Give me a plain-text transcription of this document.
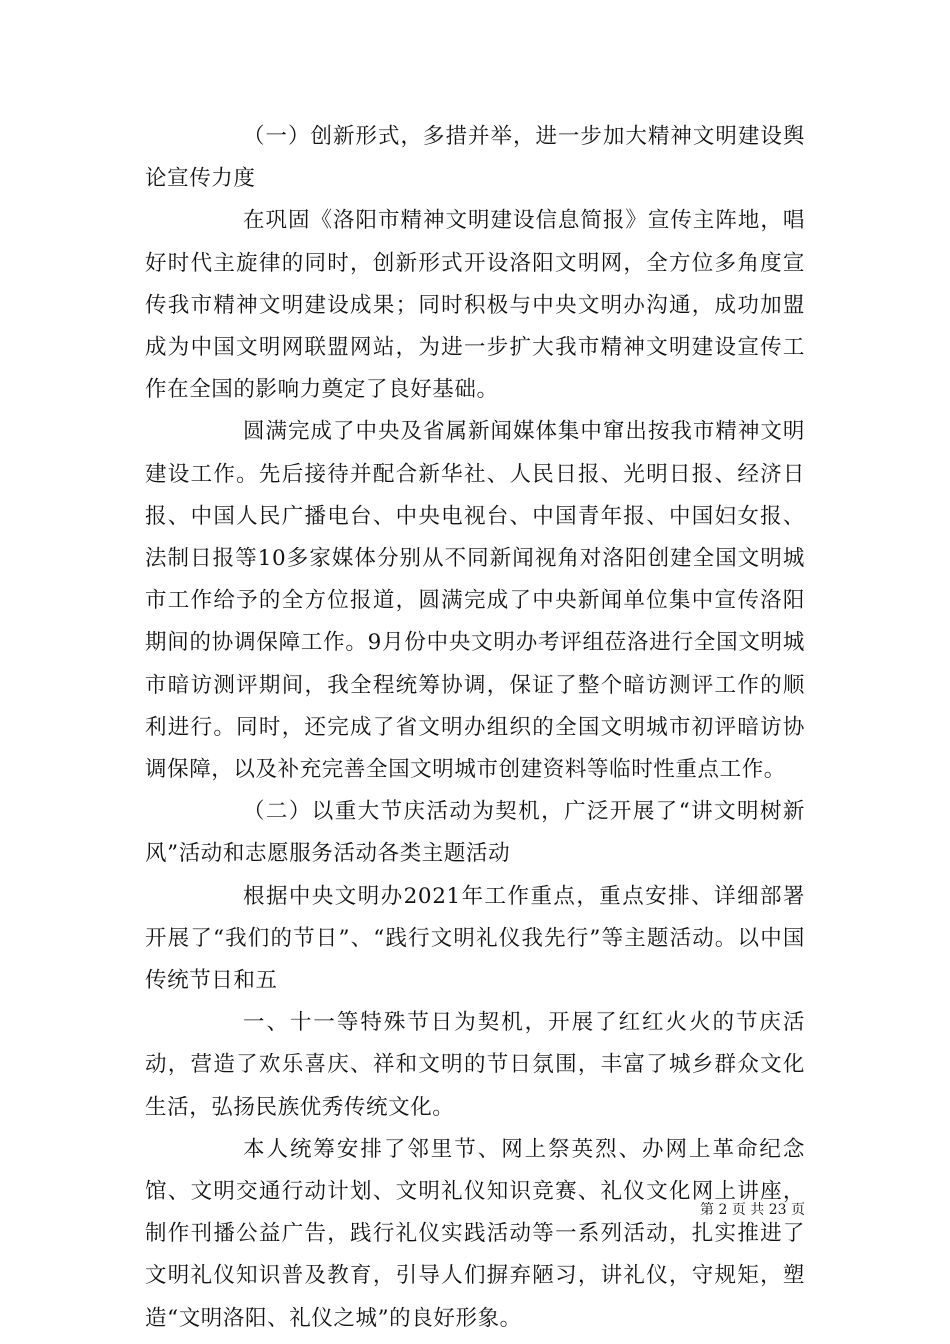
（一）创新形式，多措并举，进一步加大精神文明建设舆论宣传力度

在巩固《洛阳市精神文明建设信息简报》宣传主阵地，唱好时代主旋律的同时，创新形式开设洛阳文明网，全方位多角度宣传我市精神文明建设成果；同时积极与中央文明办沟通，成功加盟成为中国文明网联盟网站，为进一步扩大我市精神文明建设宣传工作在全国的影响力奠定了良好基础。

圆满完成了中央及省属新闻媒体集中窜出按我市精神文明建设工作。先后接待并配合新华社、人民日报、光明日报、经济日报、中国人民广播电台、中央电视台、中国青年报、中国妇女报、法制日报等10多家媒体分别从不同新闻视角对洛阳创建全国文明城市工作给予的全方位报道，圆满完成了中央新闻单位集中宣传洛阳期间的协调保障工作。9月份中央文明办考评组莅洛进行全国文明城市暗访测评期间，我全程统筹协调，保证了整个暗访测评工作的顺利进行。同时，还完成了省文明办组织的全国文明城市初评暗访协调保障，以及补充完善全国文明城市创建资料等临时性重点工作。

（二）以重大节庆活动为契机，广泛开展了“讲文明树新风”活动和志愿服务活动各类主题活动

根据中央文明办2021年工作重点，重点安排、详细部署开展了“我们的节日”、“践行文明礼仪我先行”等主题活动。以中国传统节日和五

一、十一等特殊节日为契机，开展了红红火火的节庆活动，营造了欢乐喜庆、祥和文明的节日氛围，丰富了城乡群众文化生活，弘扬民族优秀传统文化。

本人统筹安排了邻里节、网上祭英烈、办网上革命纪念馆、文明交通行动计划、文明礼仪知识竞赛、礼仪文化网上讲座，制作刊播公益广告，践行礼仪实践活动等一系列活动，扎实推进了文明礼仪知识普及教育，引导人们摒弃陋习，讲礼仪，守规矩，塑造“文明洛阳、礼仪之城”的良好形象。

第 2 页 共 23 页
